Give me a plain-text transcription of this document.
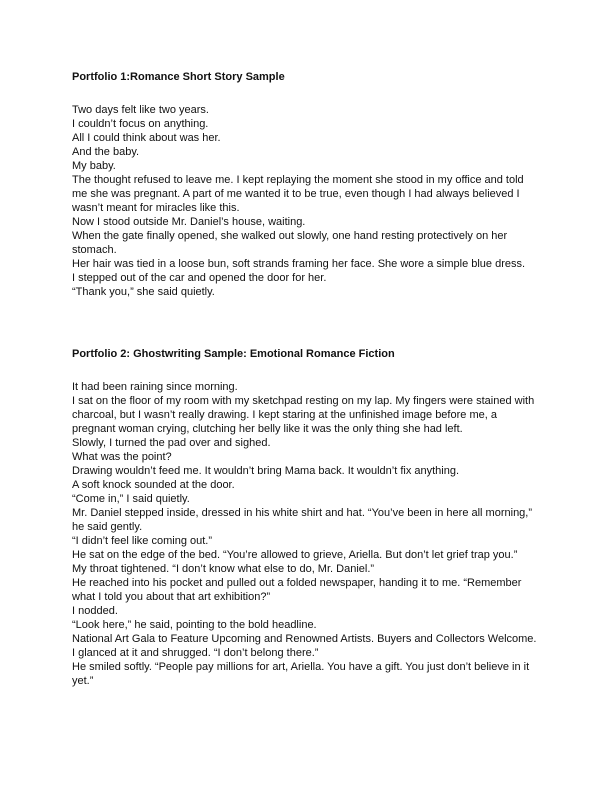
Portfolio 1:Romance Short Story Sample

Two days felt like two years.

I couldn’t focus on anything.

All I could think about was her.

And the baby.

My baby.

The thought refused to leave me. I kept replaying the moment she stood in my office and told

me she was pregnant. A part of me wanted it to be true, even though I had always believed I

wasn’t meant for miracles like this.

Now I stood outside Mr. Daniel’s house, waiting.

When the gate finally opened, she walked out slowly, one hand resting protectively on her

stomach.

Her hair was tied in a loose bun, soft strands framing her face. She wore a simple blue dress.

I stepped out of the car and opened the door for her.

“Thank you,” she said quietly.

Portfolio 2: Ghostwriting Sample: Emotional Romance Fiction

It had been raining since morning.

I sat on the floor of my room with my sketchpad resting on my lap. My fingers were stained with

charcoal, but I wasn’t really drawing. I kept staring at the unfinished image before me, a

pregnant woman crying, clutching her belly like it was the only thing she had left.

Slowly, I turned the pad over and sighed.

What was the point?

Drawing wouldn’t feed me. It wouldn’t bring Mama back. It wouldn’t fix anything.

A soft knock sounded at the door.

“Come in,” I said quietly.

Mr. Daniel stepped inside, dressed in his white shirt and hat. “You’ve been in here all morning,”

he said gently.

“I didn’t feel like coming out.”

He sat on the edge of the bed. “You’re allowed to grieve, Ariella. But don’t let grief trap you.”

My throat tightened. “I don’t know what else to do, Mr. Daniel.”

He reached into his pocket and pulled out a folded newspaper, handing it to me. “Remember

what I told you about that art exhibition?”

I nodded.

“Look here,” he said, pointing to the bold headline.

National Art Gala to Feature Upcoming and Renowned Artists. Buyers and Collectors Welcome.

I glanced at it and shrugged. “I don’t belong there.”

He smiled softly. “People pay millions for art, Ariella. You have a gift. You just don’t believe in it

yet.”
